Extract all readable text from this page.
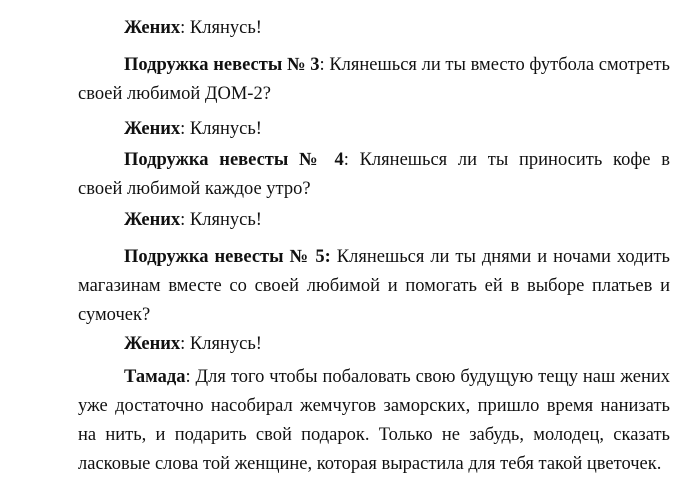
Жених: Клянусь!

Подружка невесты № 3: Клянешься ли ты вместо футбола смотреть
своей любимой ДОМ-2?

Жених: Клянусь!

Подружка невесты № 4: Клянешься ли ты приносить кофе в
своей любимой каждое утро?

Жених: Клянусь!

Подружка невесты № 5: Клянешься ли ты днями и ночами ходить
магазинам вместе со своей любимой и помогать ей в выборе платьев и
сумочек?

Жених: Клянусь!

Тамада: Для того чтобы побаловать свою будущую тещу наш жених
уже достаточно насобирал жемчугов заморских, пришло время нанизать
на нить, и подарить свой подарок. Только не забудь, молодец, сказать
ласковые слова той женщине, которая вырастила для тебя такой цветочек.
